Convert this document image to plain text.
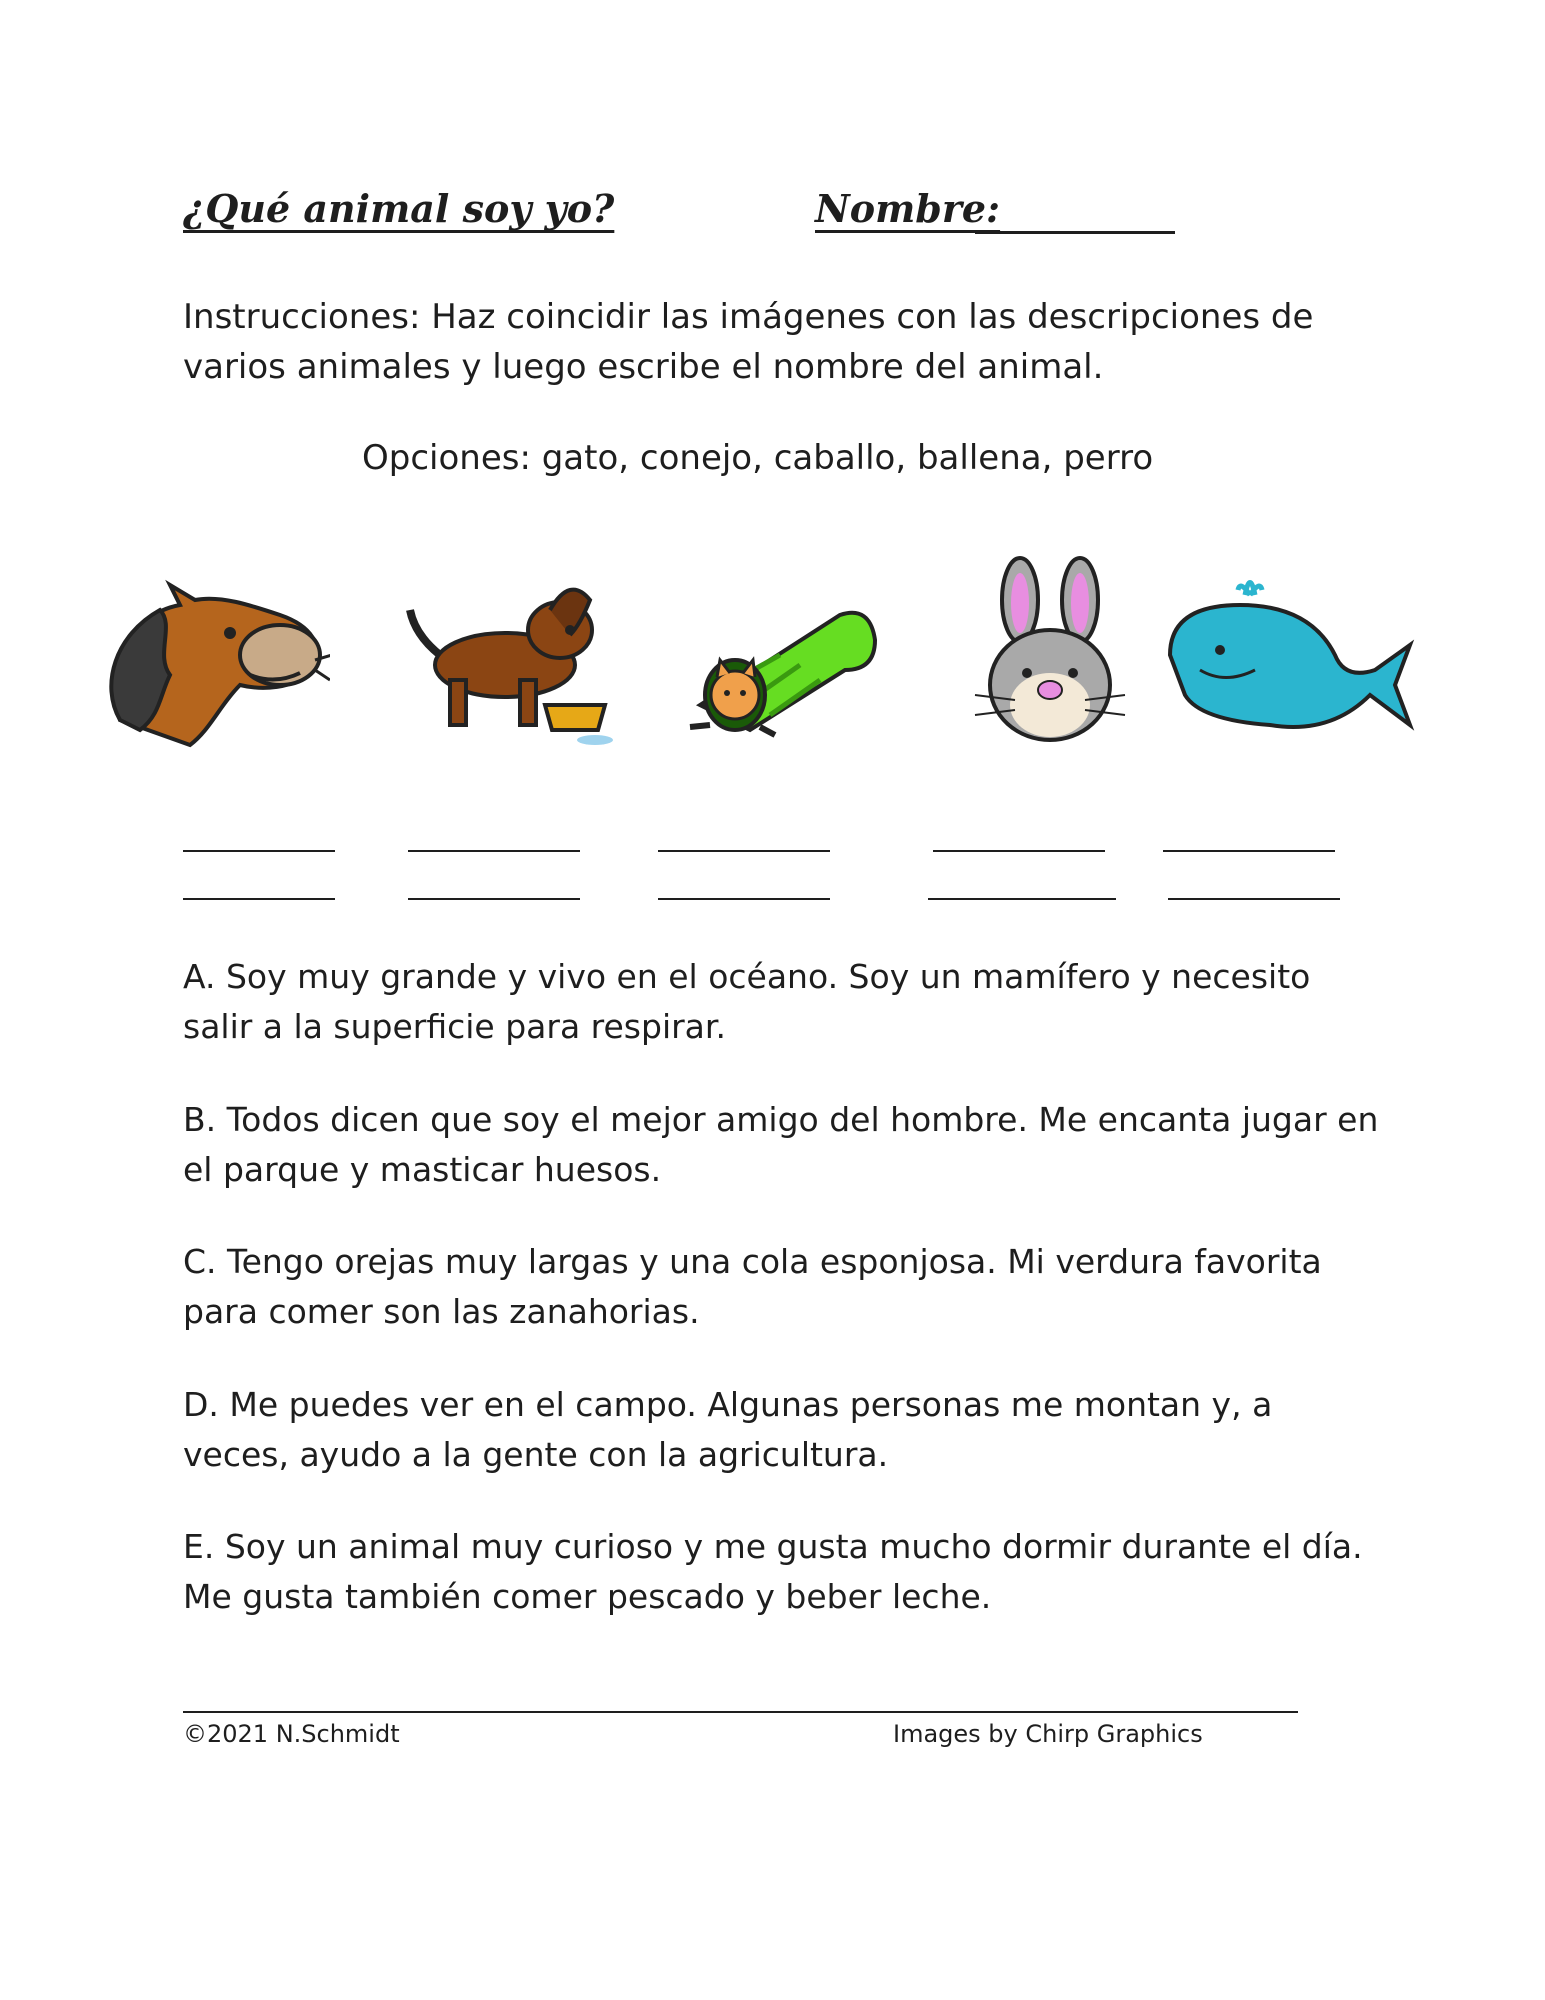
¿Qué animal soy yo?	Nombre:
Instrucciones: Haz coincidir las imágenes con las descripciones de varios animales y luego escribe el nombre del animal.
Opciones: gato, conejo, caballo, ballena, perro
A. Soy muy grande y vivo en el océano. Soy un mamífero y necesito salir a la superficie para respirar.
B. Todos dicen que soy el mejor amigo del hombre. Me encanta jugar en el parque y masticar huesos.
C. Tengo orejas muy largas y una cola esponjosa. Mi verdura favorita para comer son las zanahorias.
D. Me puedes ver en el campo. Algunas personas me montan y, a veces, ayudo a la gente con la agricultura.
E. Soy un animal muy curioso y me gusta mucho dormir durante el día. Me gusta también comer pescado y beber leche.
©2021 N.Schmidt	Images by Chirp Graphics
